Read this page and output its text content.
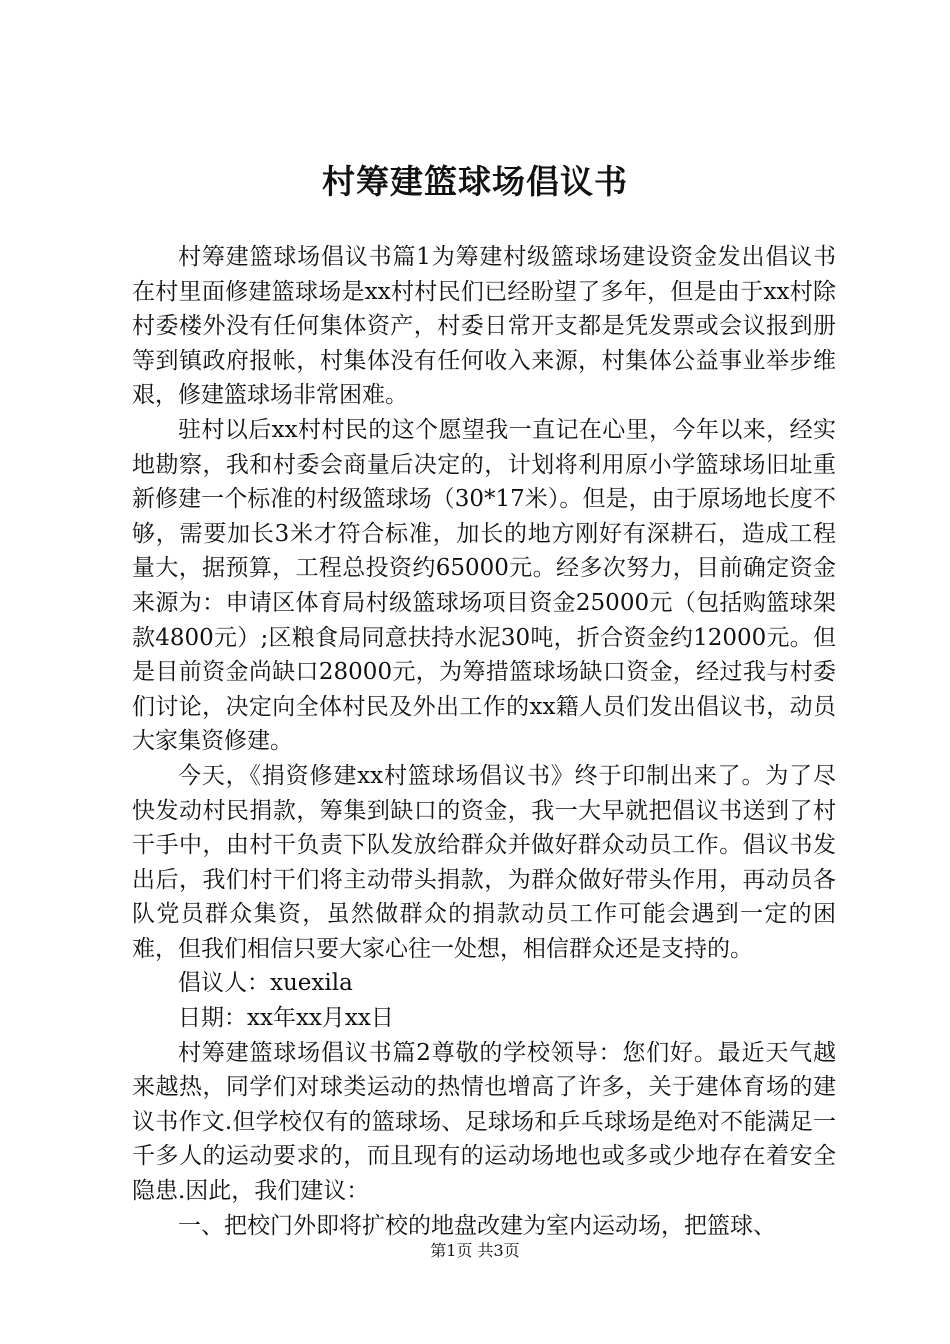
村筹建篮球场倡议书

村筹建篮球场倡议书篇1为筹建村级篮球场建设资金发出倡议书在村里面修建篮球场是xx村村民们已经盼望了多年，但是由于xx村除村委楼外没有任何集体资产，村委日常开支都是凭发票或会议报到册等到镇政府报帐，村集体没有任何收入来源，村集体公益事业举步维艰，修建篮球场非常困难。

驻村以后xx村村民的这个愿望我一直记在心里，今年以来，经实地勘察，我和村委会商量后决定的，计划将利用原小学篮球场旧址重新修建一个标准的村级篮球场（30*17米）。但是，由于原场地长度不够，需要加长3米才符合标准，加长的地方刚好有深耕石，造成工程量大，据预算，工程总投资约65000元。经多次努力，目前确定资金来源为：申请区体育局村级篮球场项目资金25000元（包括购篮球架款4800元）;区粮食局同意扶持水泥30吨，折合资金约12000元。但是目前资金尚缺口28000元，为筹措篮球场缺口资金，经过我与村委们讨论，决定向全体村民及外出工作的xx籍人员们发出倡议书，动员大家集资修建。

今天，《捐资修建xx村篮球场倡议书》终于印制出来了。为了尽快发动村民捐款，筹集到缺口的资金，我一大早就把倡议书送到了村干手中，由村干负责下队发放给群众并做好群众动员工作。倡议书发出后，我们村干们将主动带头捐款，为群众做好带头作用，再动员各队党员群众集资，虽然做群众的捐款动员工作可能会遇到一定的困难，但我们相信只要大家心往一处想，相信群众还是支持的。

倡议人：xuexila

日期：xx年xx月xx日

村筹建篮球场倡议书篇2尊敬的学校领导：您们好。最近天气越来越热，同学们对球类运动的热情也增高了许多，关于建体育场的建议书作文.但学校仅有的篮球场、足球场和乒乓球场是绝对不能满足一千多人的运动要求的，而且现有的运动场地也或多或少地存在着安全隐患.因此，我们建议：

一、把校门外即将扩校的地盘改建为室内运动场，把篮球、

第1页 共3页
